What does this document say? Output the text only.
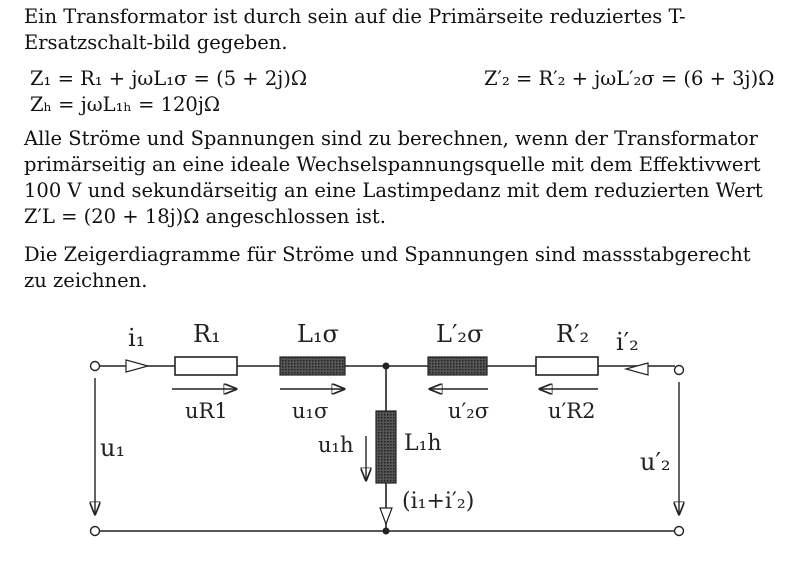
Ein Transformator ist durch sein auf die Primärseite reduziertes T-Ersatzschalt-bild gegeben.
Z₁ = R₁ + jωL₁σ = (5 + 2j)Ω	Z′₂ = R′₂ + jωL′₂σ = (6 + 3j)Ω
Zₕ = jωL₁ₕ = 120jΩ
Alle Ströme und Spannungen sind zu berechnen, wenn der Transformator primärseitig an eine ideale Wechselspannungsquelle mit dem Effektivwert 100 V und sekundärseitig an eine Lastimpedanz mit dem reduzierten Wert Z′L = (20 + 18j)Ω angeschlossen ist.
Die Zeigerdiagramme für Ströme und Spannungen sind massstabgerecht zu zeichnen.
i₁ R₁	L₁σ	L′₂σ	R′₂ i′₂
uR1	u₁σ	u′₂σ	u′R2
u₁	u₁h L₁h
u′₂
(i₁+i′₂)
